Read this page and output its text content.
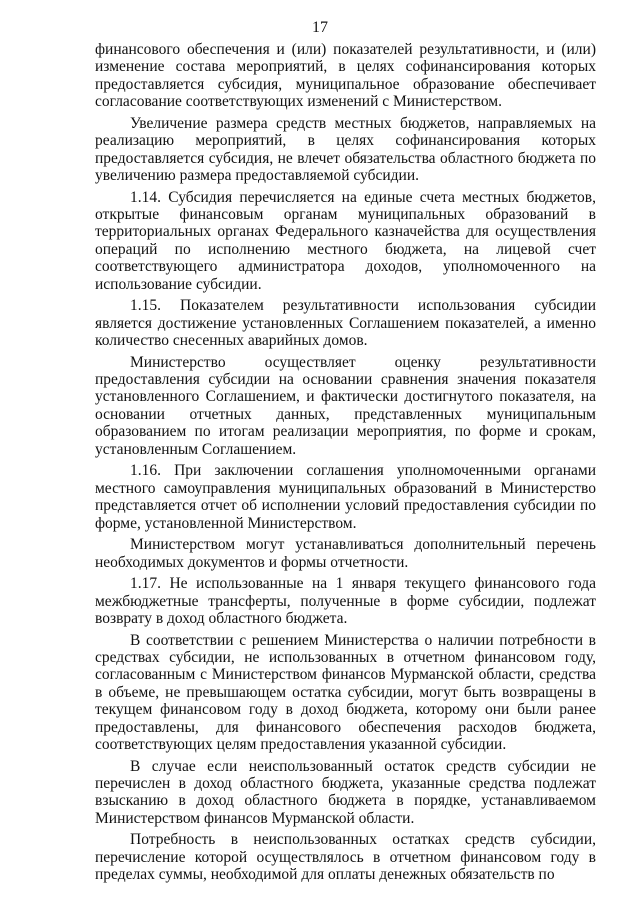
17

финансового обеспечения и (или) показателей результативности, и (или) изменение состава мероприятий, в целях софинансирования которых предоставляется субсидия, муниципальное образование обеспечивает согласование соответствующих изменений с Министерством.

Увеличение размера средств местных бюджетов, направляемых на реализацию мероприятий, в целях софинансирования которых предоставляется субсидия, не влечет обязательства областного бюджета по увеличению размера предоставляемой субсидии.

1.14. Субсидия перечисляется на единые счета местных бюджетов, открытые финансовым органам муниципальных образований в территориальных органах Федерального казначейства для осуществления операций по исполнению местного бюджета, на лицевой счет соответствующего администратора доходов, уполномоченного на использование субсидии.

1.15. Показателем результативности использования субсидии является достижение установленных Соглашением показателей, а именно количество снесенных аварийных домов.

Министерство осуществляет оценку результативности предоставления субсидии на основании сравнения значения показателя установленного Соглашением, и фактически достигнутого показателя, на основании отчетных данных, представленных муниципальным образованием по итогам реализации мероприятия, по форме и срокам, установленным Соглашением.

1.16. При заключении соглашения уполномоченными органами местного самоуправления муниципальных образований в Министерство представляется отчет об исполнении условий предоставления субсидии по форме, установленной Министерством.

Министерством могут устанавливаться дополнительный перечень необходимых документов и формы отчетности.

1.17. Не использованные на 1 января текущего финансового года межбюджетные трансферты, полученные в форме субсидии, подлежат возврату в доход областного бюджета.

В соответствии с решением Министерства о наличии потребности в средствах субсидии, не использованных в отчетном финансовом году, согласованным с Министерством финансов Мурманской области, средства в объеме, не превышающем остатка субсидии, могут быть возвращены в текущем финансовом году в доход бюджета, которому они были ранее предоставлены, для финансового обеспечения расходов бюджета, соответствующих целям предоставления указанной субсидии.

В случае если неиспользованный остаток средств субсидии не перечислен в доход областного бюджета, указанные средства подлежат взысканию в доход областного бюджета в порядке, устанавливаемом Министерством финансов Мурманской области.

Потребность в неиспользованных остатках средств субсидии, перечисление которой осуществлялось в отчетном финансовом году в пределах суммы, необходимой для оплаты денежных обязательств по
